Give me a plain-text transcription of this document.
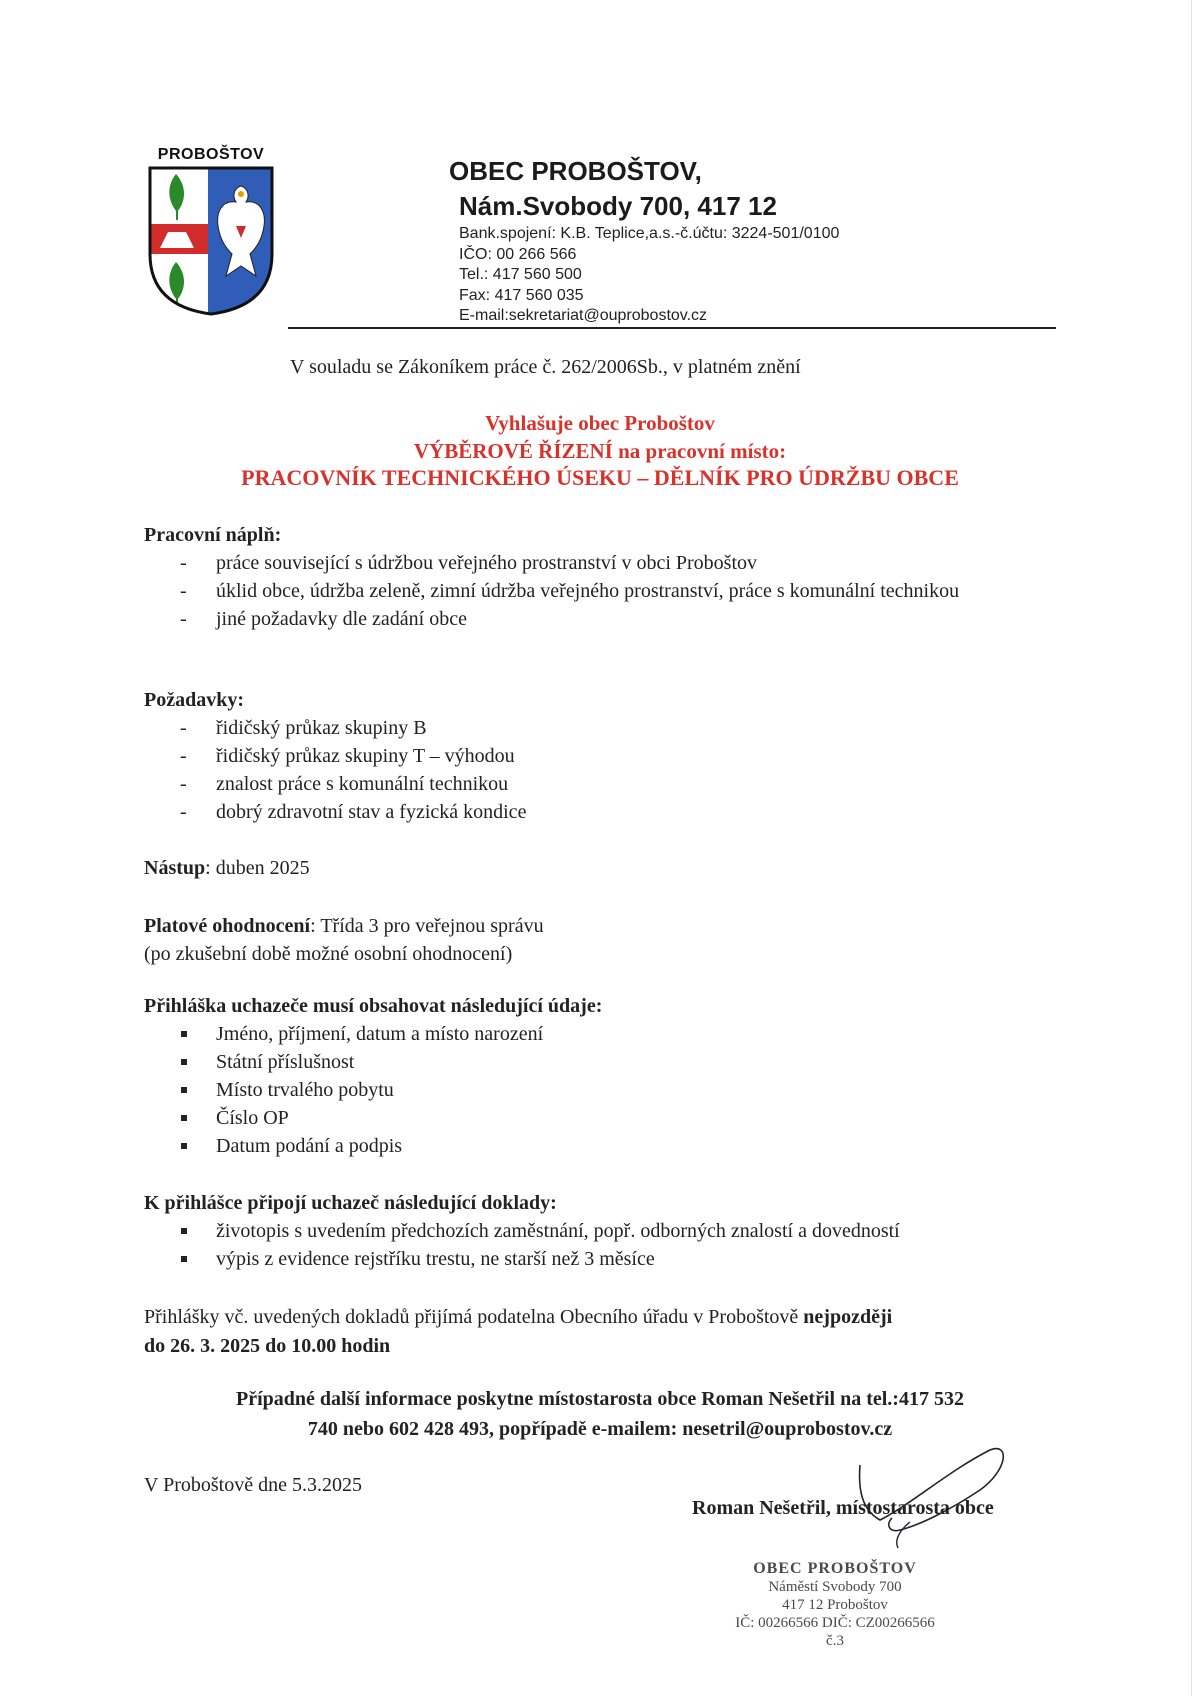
PROBOŠTOV
OBEC PROBOŠTOV,
Nám.Svobody 700, 417 12
Bank.spojení: K.B. Teplice,a.s.-č.účtu: 3224-501/0100
IČO: 00 266 566
Tel.: 417 560 500
Fax: 417 560 035
E-mail:sekretariat@ouprobostov.cz
V souladu se Zákoníkem práce č. 262/2006Sb., v platném znění
Vyhlašuje obec Proboštov
VÝBĚROVÉ ŘÍZENÍ na pracovní místo:
PRACOVNÍK TECHNICKÉHO ÚSEKU – DĚLNÍK PRO ÚDRŽBU OBCE
Pracovní náplň:
- práce související s údržbou veřejného prostranství v obci Proboštov
- úklid obce, údržba zeleně, zimní údržba veřejného prostranství, práce s komunální technikou
- jiné požadavky dle zadání obce
Požadavky:
- řidičský průkaz skupiny B
- řidičský průkaz skupiny T – výhodou
- znalost práce s komunální technikou
- dobrý zdravotní stav a fyzická kondice
Nástup: duben 2025
Platové ohodnocení: Třída 3 pro veřejnou správu
(po zkušební době možné osobní ohodnocení)
Přihláška uchazeče musí obsahovat následující údaje:
Jméno, příjmení, datum a místo narození
Státní příslušnost
Místo trvalého pobytu
Číslo OP
Datum podání a podpis
K přihlášce připojí uchazeč následující doklady:
životopis s uvedením předchozích zaměstnání, popř. odborných znalostí a dovedností
výpis z evidence rejstříku trestu, ne starší než 3 měsíce
Přihlášky vč. uvedených dokladů přijímá podatelna Obecního úřadu v Proboštově nejpozději
do 26. 3. 2025 do 10.00 hodin
Případné další informace poskytne místostarosta obce Roman Nešetřil na tel.:417 532
740 nebo 602 428 493, popřípadě e-mailem: nesetril@ouprobostov.cz
V Proboštově dne 5.3.2025
Roman Nešetřil, místostarosta obce
OBEC PROBOŠTOV
Náměstí Svobody 700
417 12 Proboštov
IČ: 00266566 DIČ: CZ00266566
č.3
